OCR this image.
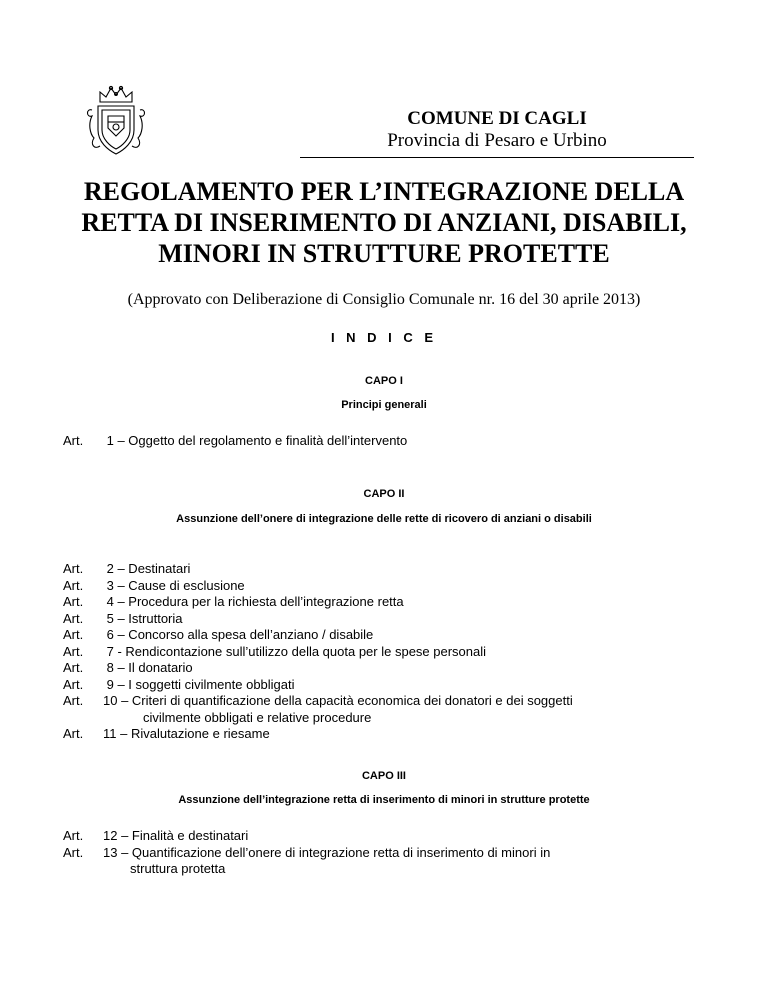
COMUNE DI CAGLI
Provincia di Pesaro e Urbino
REGOLAMENTO PER L’INTEGRAZIONE DELLA
RETTA DI INSERIMENTO DI ANZIANI, DISABILI,
MINORI IN STRUTTURE PROTETTE
(Approvato con Deliberazione di Consiglio Comunale nr. 16 del 30 aprile 2013)
I N D I C E
CAPO I
Principi generali
Art.	1 – Oggetto del regolamento e finalità dell’intervento
CAPO II
Assunzione dell’onere di integrazione delle rette di ricovero di anziani o disabili
Art.	2 – Destinatari
Art.	3 – Cause di esclusione
Art.	4 – Procedura per la richiesta dell’integrazione retta
Art.	5 – Istruttoria
Art.	6 – Concorso alla spesa dell’anziano / disabile
Art.	7 - Rendicontazione sull’utilizzo della quota per le spese personali
Art.	8 – Il donatario
Art.	9 – I soggetti civilmente obbligati
Art.	10 – Criteri di quantificazione della capacità economica dei donatori e dei soggetti
civilmente obbligati e relative procedure
Art.	11 – Rivalutazione e riesame
CAPO III
Assunzione dell’integrazione retta di inserimento di minori in strutture protette
Art.	12 – Finalità e destinatari
Art.	13 – Quantificazione dell’onere di integrazione retta di inserimento di minori in
struttura protetta
